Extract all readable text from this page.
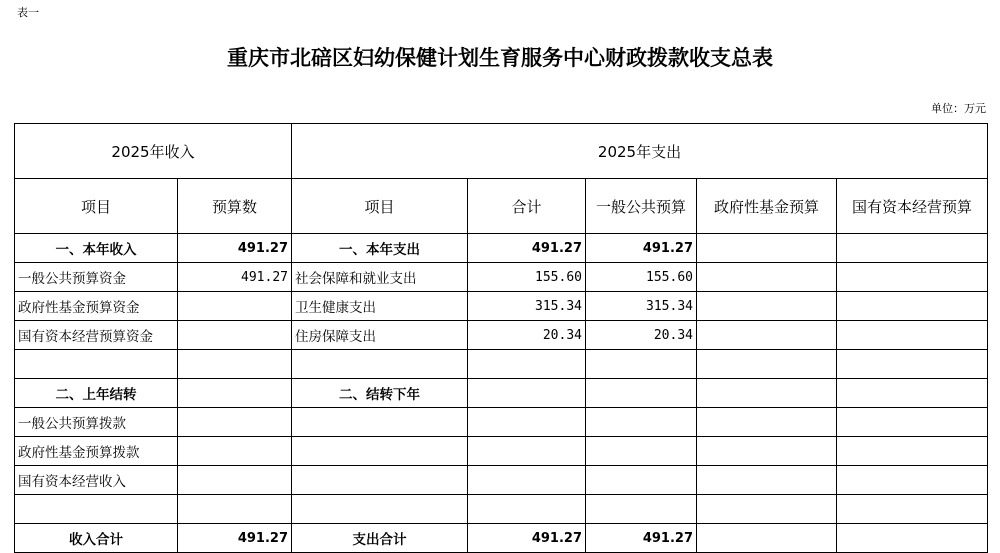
表一
重庆市北碚区妇幼保健计划生育服务中心财政拨款收支总表
单位：万元
2025年收入		2025年支出				
项目	预算数	项目	合计	一般公共预算	政府性基金预算	国有资本经营预算
一、本年收入	491.27	一、本年支出	491.27	491.27		
一般公共预算资金	491.27	社会保障和就业支出	155.60	155.60		
政府性基金预算资金		卫生健康支出	315.34	315.34		
国有资本经营预算资金		住房保障支出	20.34	20.34		

二、上年结转		二、结转下年				
一般公共预算拨款						
政府性基金预算拨款						
国有资本经营收入						

收入合计	491.27	支出合计	491.27	491.27		
